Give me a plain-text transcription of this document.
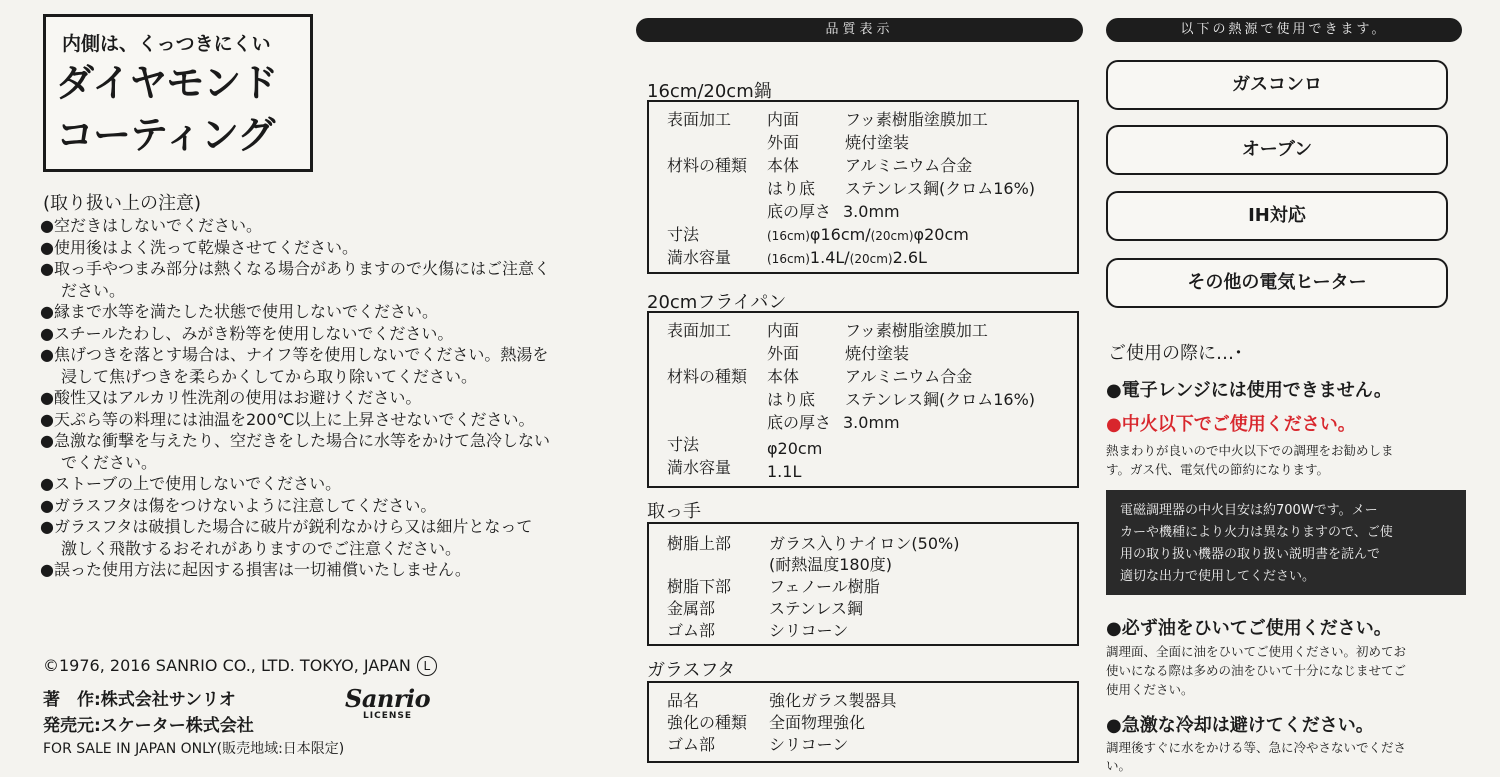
内側は、くっつきにくい
ダイヤモンド
コーティング
(取り扱い上の注意)
●空だきはしないでください。
●使用後はよく洗って乾燥させてください。
●取っ手やつまみ部分は熱くなる場合がありますので火傷にはご注意く
ださい。
●縁まで水等を満たした状態で使用しないでください。
●スチールたわし、みがき粉等を使用しないでください。
●焦げつきを落とす場合は、ナイフ等を使用しないでください。熱湯を
浸して焦げつきを柔らかくしてから取り除いてください。
●酸性又はアルカリ性洗剤の使用はお避けください。
●天ぷら等の料理には油温を200℃以上に上昇させないでください。
●急激な衝撃を与えたり、空だきをした場合に水等をかけて急冷しない
でください。
●ストーブの上で使用しないでください。
●ガラスフタは傷をつけないように注意してください。
●ガラスフタは破損した場合に破片が鋭利なかけら又は細片となって
激しく飛散するおそれがありますのでご注意ください。
●誤った使用方法に起因する損害は一切補償いたしません。
©1976, 2016 SANRIO CO., LTD. TOKYO, JAPAN L
著　作:株式会社サンリオ
発売元:スケーター株式会社
FOR SALE IN JAPAN ONLY(販売地域:日本限定)
Sanrio
LICENSE
品質表示
16cm/20cm鍋
表面加工 内面	フッ素樹脂塗膜加工
外面	焼付塗装
材料の種類 本体	アルミニウム合金
はり底 ステンレス鋼(クロム16%)
底の厚さ 3.0mm
寸法	(16cm)φ16cm/(20cm)φ20cm
満水容量	(16cm)1.4L/(20cm)2.6L
20cmフライパン
表面加工 内面	フッ素樹脂塗膜加工
外面	焼付塗装
材料の種類 本体	アルミニウム合金
はり底 ステンレス鋼(クロム16%)
底の厚さ 3.0mm
寸法	φ20cm
満水容量 1.1L
取っ手
樹脂上部 ガラス入りナイロン(50%)
(耐熱温度180度)
樹脂下部 フェノール樹脂
金属部	ステンレス鋼
ゴム部	シリコーン
ガラスフタ
品名	強化ガラス製器具
強化の種類 全面物理強化
ゴム部	シリコーン
以下の熱源で使用できます。
ガスコンロ
オーブン
IH対応
その他の電気ヒーター
ご使用の際に…･
●電子レンジには使用できません。
●中火以下でご使用ください。
熱まわりが良いので中火以下での調理をお勧めしま
す。ガス代、電気代の節約になります。
電磁調理器の中火目安は約700Wです。メー
カーや機種により火力は異なりますので、ご使
用の取り扱い機器の取り扱い説明書を読んで
適切な出力で使用してください。
●必ず油をひいてご使用ください。
調理面、全面に油をひいてご使用ください。初めてお
使いになる際は多めの油をひいて十分になじませてご
使用ください。
●急激な冷却は避けてください。
調理後すぐに水をかける等、急に冷やさないでくださ
い。
